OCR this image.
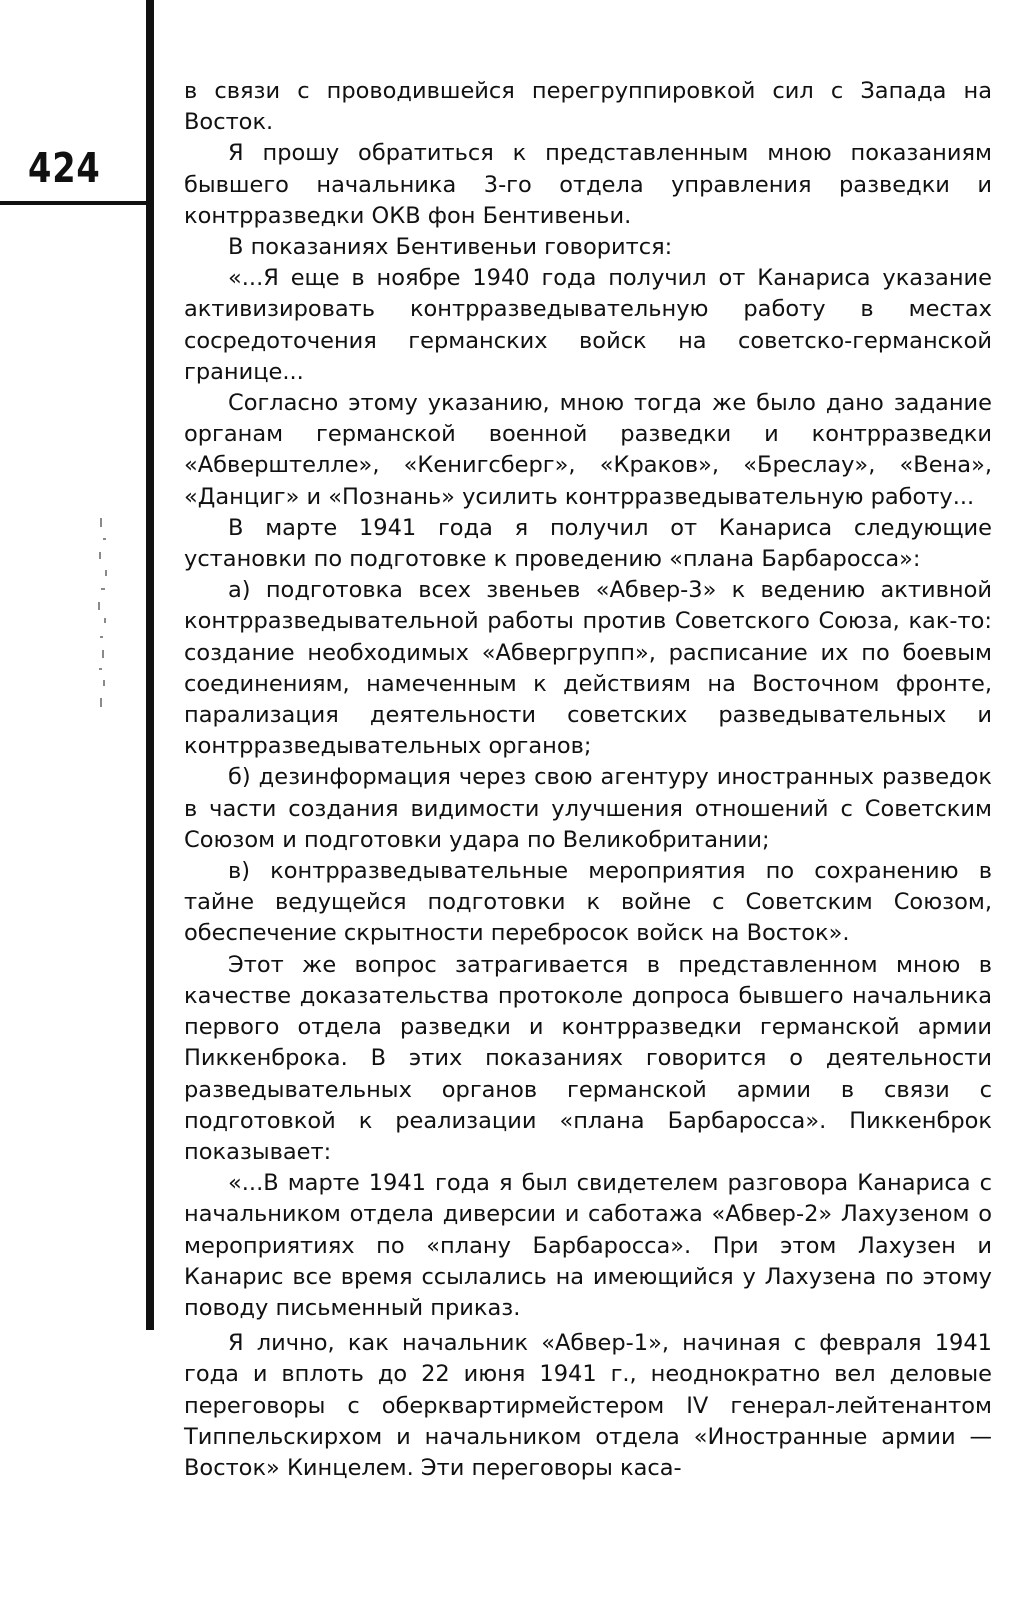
424

в связи с проводившейся перегруппировкой сил с Запада на Восток.

Я прошу обратиться к представленным мною показаниям бывшего начальника 3-го отдела управления разведки и контрразведки ОКВ фон Бентивеньи.

В показаниях Бентивеньи говорится:

«...Я еще в ноябре 1940 года получил от Канариса указание активизировать контрразведывательную работу в местах сосредоточения германских войск на советско-германской границе...

Согласно этому указанию, мною тогда же было дано задание органам германской военной разведки и контрразведки «Абверштелле», «Кенигсберг», «Краков», «Бреслау», «Вена», «Данциг» и «Познань» усилить контрразведывательную работу...

В марте 1941 года я получил от Канариса следующие установки по подготовке к проведению «плана Барбаросса»:

а) подготовка всех звеньев «Абвер-3» к ведению активной контрразведывательной работы против Советского Союза, как-то: создание необходимых «Абвергрупп», расписание их по боевым соединениям, намеченным к действиям на Восточном фронте, парализация деятельности советских разведывательных и контрразведывательных органов;

б) дезинформация через свою агентуру иностранных разведок в части создания видимости улучшения отношений с Советским Союзом и подготовки удара по Великобритании;

в) контрразведывательные мероприятия по сохранению в тайне ведущейся подготовки к войне с Советским Союзом, обеспечение скрытности перебросок войск на Восток».

Этот же вопрос затрагивается в представленном мною в качестве доказательства протоколе допроса бывшего начальника первого отдела разведки и контрразведки германской армии Пиккенброка. В этих показаниях говорится о деятельности разведывательных органов германской армии в связи с подготовкой к реализации «плана Барбаросса». Пиккенброк показывает:

«...В марте 1941 года я был свидетелем разговора Канариса с начальником отдела диверсии и саботажа «Абвер-2» Лахузеном о мероприятиях по «плану Барбаросса». При этом Лахузен и Канарис все время ссылались на имеющийся у Лахузена по этому поводу письменный приказ.

Я лично, как начальник «Абвер-1», начиная с февраля 1941 года и вплоть до 22 июня 1941 г., неоднократно вел деловые переговоры с оберквартирмейстером IV генерал-лейтенантом Типпельскирхом и начальником отдела «Иностранные армии — Восток» Кинцелем. Эти переговоры каса-
